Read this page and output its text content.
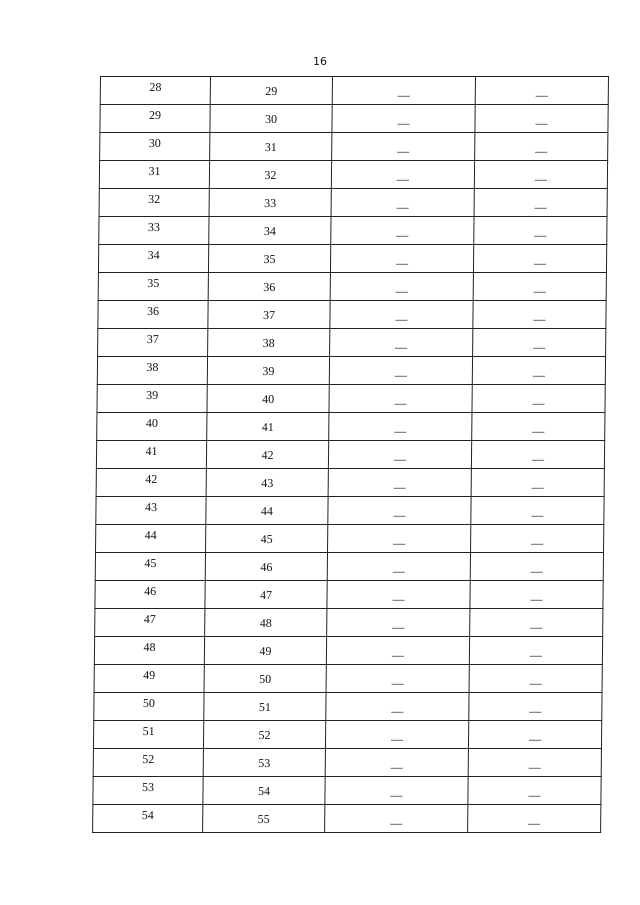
16
28	29	—	—

29	30	—	—

30	31	—	—

31	32	—	—

32	33	—	—

33	34	—	—

34	35	—	—

35	36	—	—

36	37	—	—

37	38	—	—

38	39	—	—

39	40	—	—

40	41	—	—

41	42	—	—

42	43	—	—

43	44	—	—

44	45	—	—

45	46	—	—

46	47	—	—

47	48	—	—

48	49	—	—

49	50	—	—

50	51	—	—

51	52	—	—

52	53	—	—

53	54	—	—

54	55	—	—
